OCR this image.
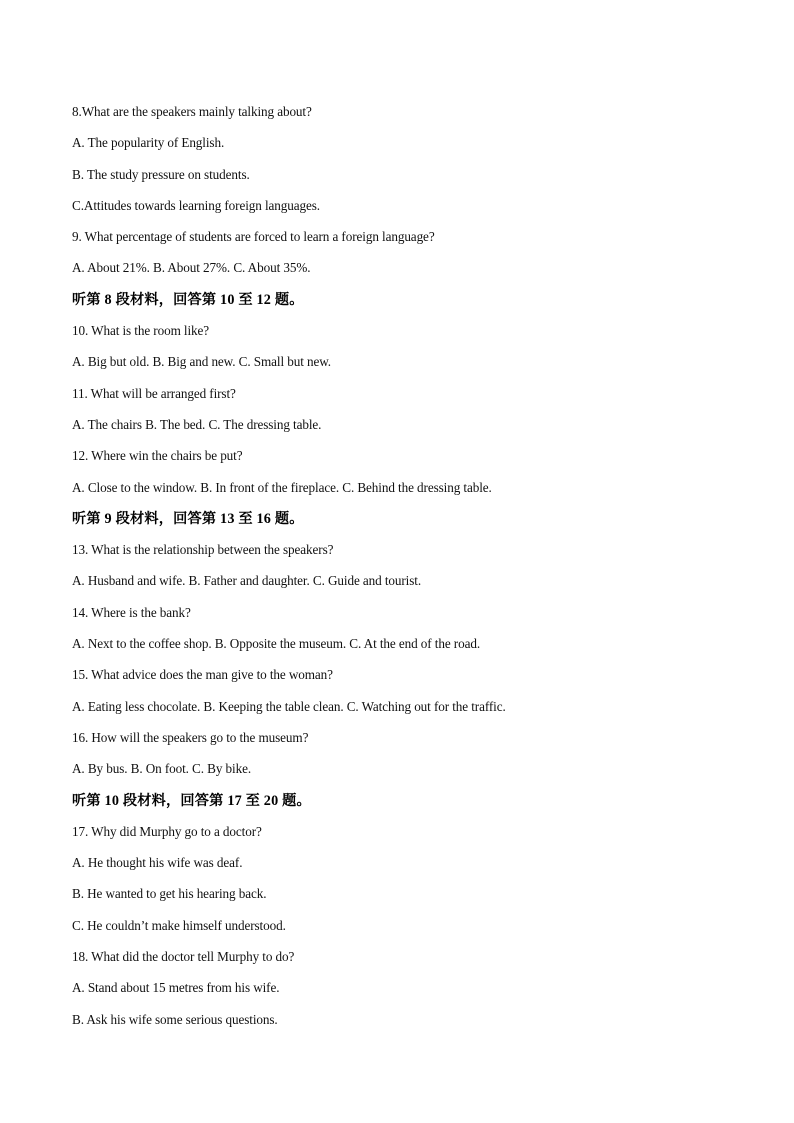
8.What are the speakers mainly talking about?
A. The popularity of English.
B. The study pressure on students.
C.Attitudes towards learning foreign languages.
9. What percentage of students are forced to learn a foreign language?
A. About 21%. B. About 27%. C. About 35%.
听第 8 段材料，回答第 10 至 12 题。
10. What is the room like?
A. Big but old. B. Big and new. C. Small but new.
11. What will be arranged first?
A. The chairs B. The bed. C. The dressing table.
12. Where win the chairs be put?
A. Close to the window. B. In front of the fireplace. C. Behind the dressing table.
听第 9 段材料，回答第 13 至 16 题。
13. What is the relationship between the speakers?
A. Husband and wife. B. Father and daughter. C. Guide and tourist.
14. Where is the bank?
A. Next to the coffee shop. B. Opposite the museum. C. At the end of the road.
15. What advice does the man give to the woman?
A. Eating less chocolate. B. Keeping the table clean. C. Watching out for the traffic.
16. How will the speakers go to the museum?
A. By bus. B. On foot. C. By bike.
听第 10 段材料，回答第 17 至 20 题。
17. Why did Murphy go to a doctor?
A. He thought his wife was deaf.
B. He wanted to get his hearing back.
C. He couldn’t make himself understood.
18. What did the doctor tell Murphy to do?
A. Stand about 15 metres from his wife.
B. Ask his wife some serious questions.
